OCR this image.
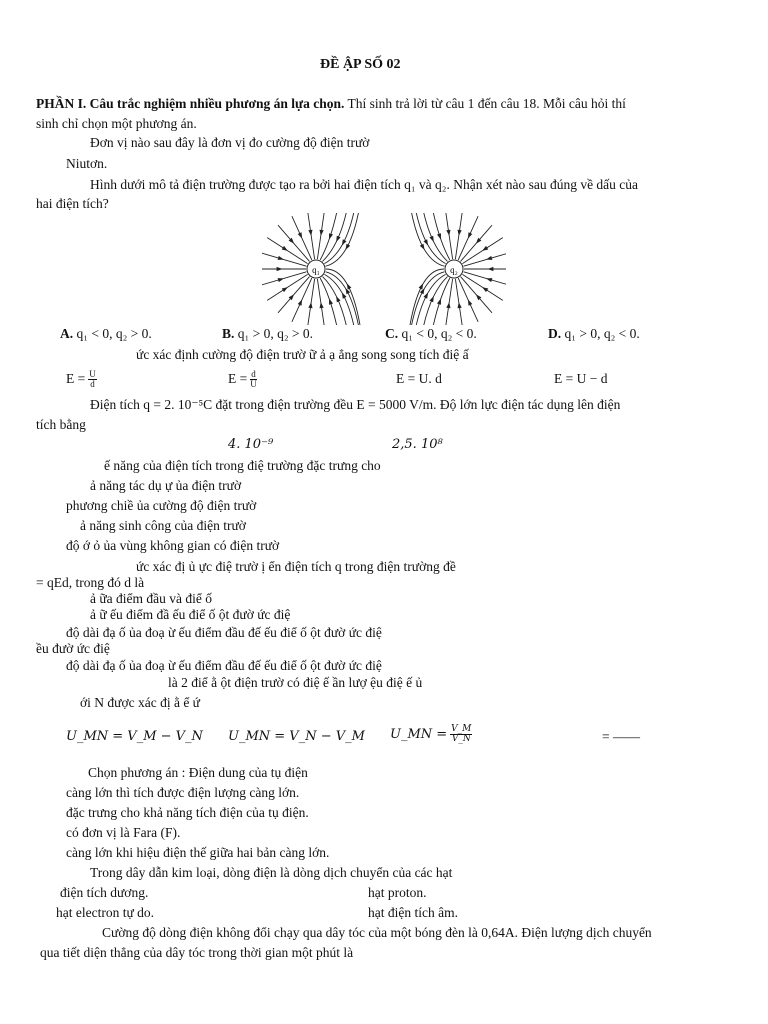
ĐỀ ẬP SỐ 02
PHẦN I. Câu trắc nghiệm nhiều phương án lựa chọn. Thí sinh trả lời từ câu 1 đến câu 18. Mỗi câu hỏi thí
sinh chỉ chọn một phương án.
Đơn vị nào sau đây là đơn vị đo cường độ điện trườ
Niutơn.
Hình dưới mô tả điện trường được tạo ra bởi hai điện tích q₁ và q₂. Nhận xét nào sau đúng về dấu của
hai điện tích?
q₁	q₂
A. q₁ < 0, q₂ > 0.	B. q₁ > 0, q₂ > 0.	C. q₁ < 0, q₂ < 0.	D. q₁ > 0, q₂ < 0.
ức xác định cường độ điện trườ ữ ả ạ ẳng song song tích điệ ấ
$E = \frac{U}{d}$	$E = \frac{d}{U}$	E = U. d	E = U − d
Điện tích q = 2. 10⁻⁵C đặt trong điện trường đều E = 5000 V/m. Độ lớn lực điện tác dụng lên điện
tích bằng
4. 10⁻⁹	2,5. 10⁸
ế năng của điện tích trong điệ trường đặc trưng cho
ả năng tác dụ ự ủa điện trườ
phương chiề ủa cường độ điện trườ
ả năng sinh công của điện trườ
độ ớ ỏ ủa vùng không gian có điện trườ
ức xác đị ủ ực điệ trườ ị ển điện tích q trong điện trường đề
= qEd, trong đó d là
ả ữa điểm đầu và điể ố
ả ữ ếu điểm đầ ếu điể ố ột đườ ức điệ
độ dài đạ ố ủa đoạ ừ ếu điểm đầu đế ếu điể ố ột đườ ức điệ
ều đườ ức điệ
độ dài đạ ố ủa đoạ ừ ếu điểm đầu đế ếu điể ố ột đườ ức điệ
là 2 điể ằ ột điện trườ có điệ ế ần lượ ệu điệ ế ủ
ới N được xác đị ằ ể ứ
U_MN = V_M − V_N U_MN = V_N − V_M U_MN = $\frac{V\_M}{V\_N}$	= ——
Chọn phương án : Điện dung của tụ điện
càng lớn thì tích được điện lượng càng lớn.
đặc trưng cho khả năng tích điện của tụ điện.
có đơn vị là Fara (F).
càng lớn khi hiệu điện thế giữa hai bản càng lớn.
Trong dây dẫn kim loại, dòng điện là dòng dịch chuyển của các hạt
điện tích dương.	hạt proton.
hạt electron tự do.	hạt điện tích âm.
Cường độ dòng điện không đổi chạy qua dây tóc của một bóng đèn là 0,64A. Điện lượng dịch chuyển
qua tiết diện thẳng của dây tóc trong thời gian một phút là
